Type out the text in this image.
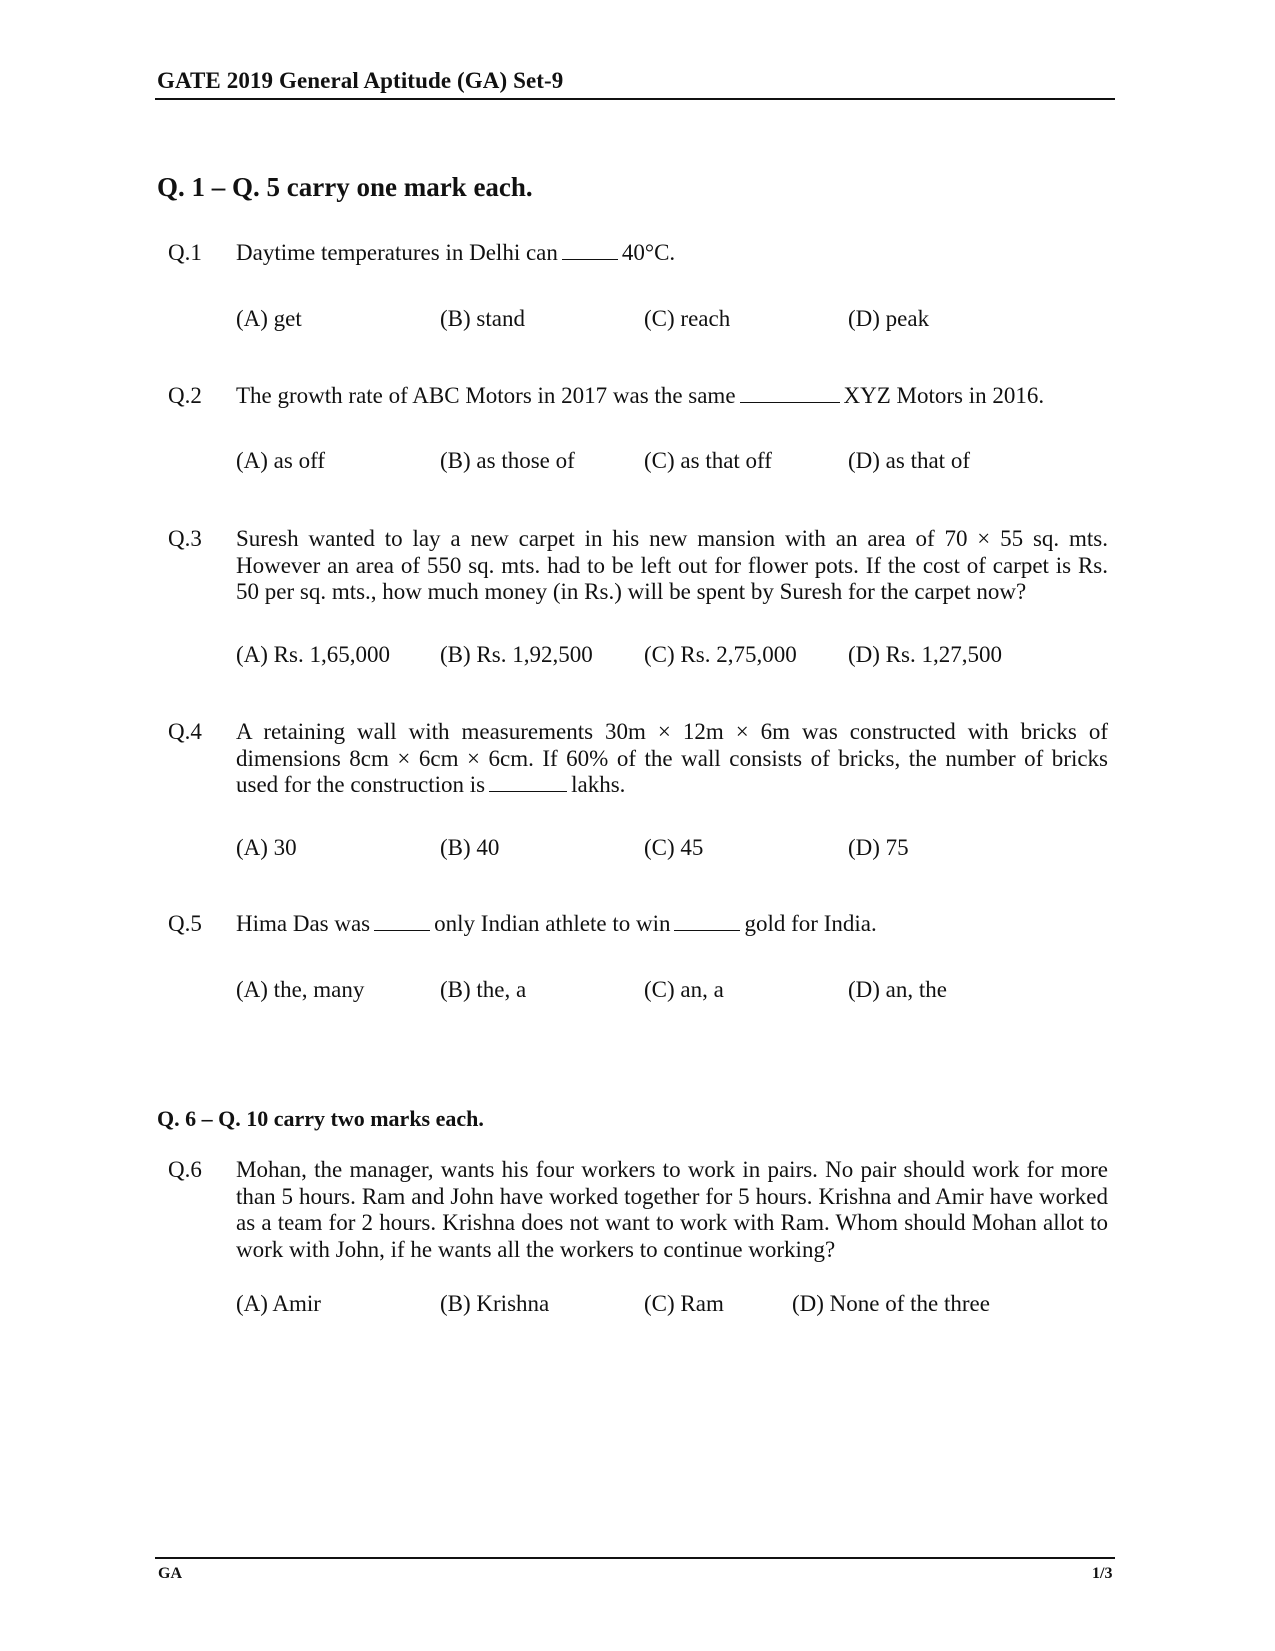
GATE 2019 General Aptitude (GA) Set-9
Q. 1 – Q. 5 carry one mark each.
Q.1	Daytime temperatures in Delhi can	40°C.
(A) get	(B) stand	(C) reach	(D) peak
Q.2	The growth rate of ABC Motors in 2017 was the same	XYZ Motors in 2016.
(A) as off	(B) as those of	(C) as that off	(D) as that of
Q.3	Suresh wanted to lay a new carpet in his new mansion with an area of 70 × 55 sq. mts. However an area of 550 sq. mts. had to be left out for flower pots. If the cost of carpet is Rs. 50 per sq. mts., how much money (in Rs.) will be spent by Suresh for the carpet now?
(A) Rs. 1,65,000 (B) Rs. 1,92,500 (C) Rs. 2,75,000 (D) Rs. 1,27,500
Q.4	A retaining wall with measurements 30m × 12m × 6m was constructed with bricks of dimensions 8cm × 6cm × 6cm. If 60% of the wall consists of bricks, the number of bricks used for the construction is	lakhs.
(A) 30	(B) 40	(C) 45	(D) 75
Q.5	Hima Das was	only Indian athlete to win	gold for India.
(A) the, many	(B) the, a	(C) an, a	(D) an, the
Q. 6 – Q. 10 carry two marks each.
Q.6	Mohan, the manager, wants his four workers to work in pairs. No pair should work for more than 5 hours. Ram and John have worked together for 5 hours. Krishna and Amir have worked as a team for 2 hours. Krishna does not want to work with Ram. Whom should Mohan allot to work with John, if he wants all the workers to continue working?
(A) Amir	(B) Krishna	(C) Ram	(D) None of the three
GA	1/3
